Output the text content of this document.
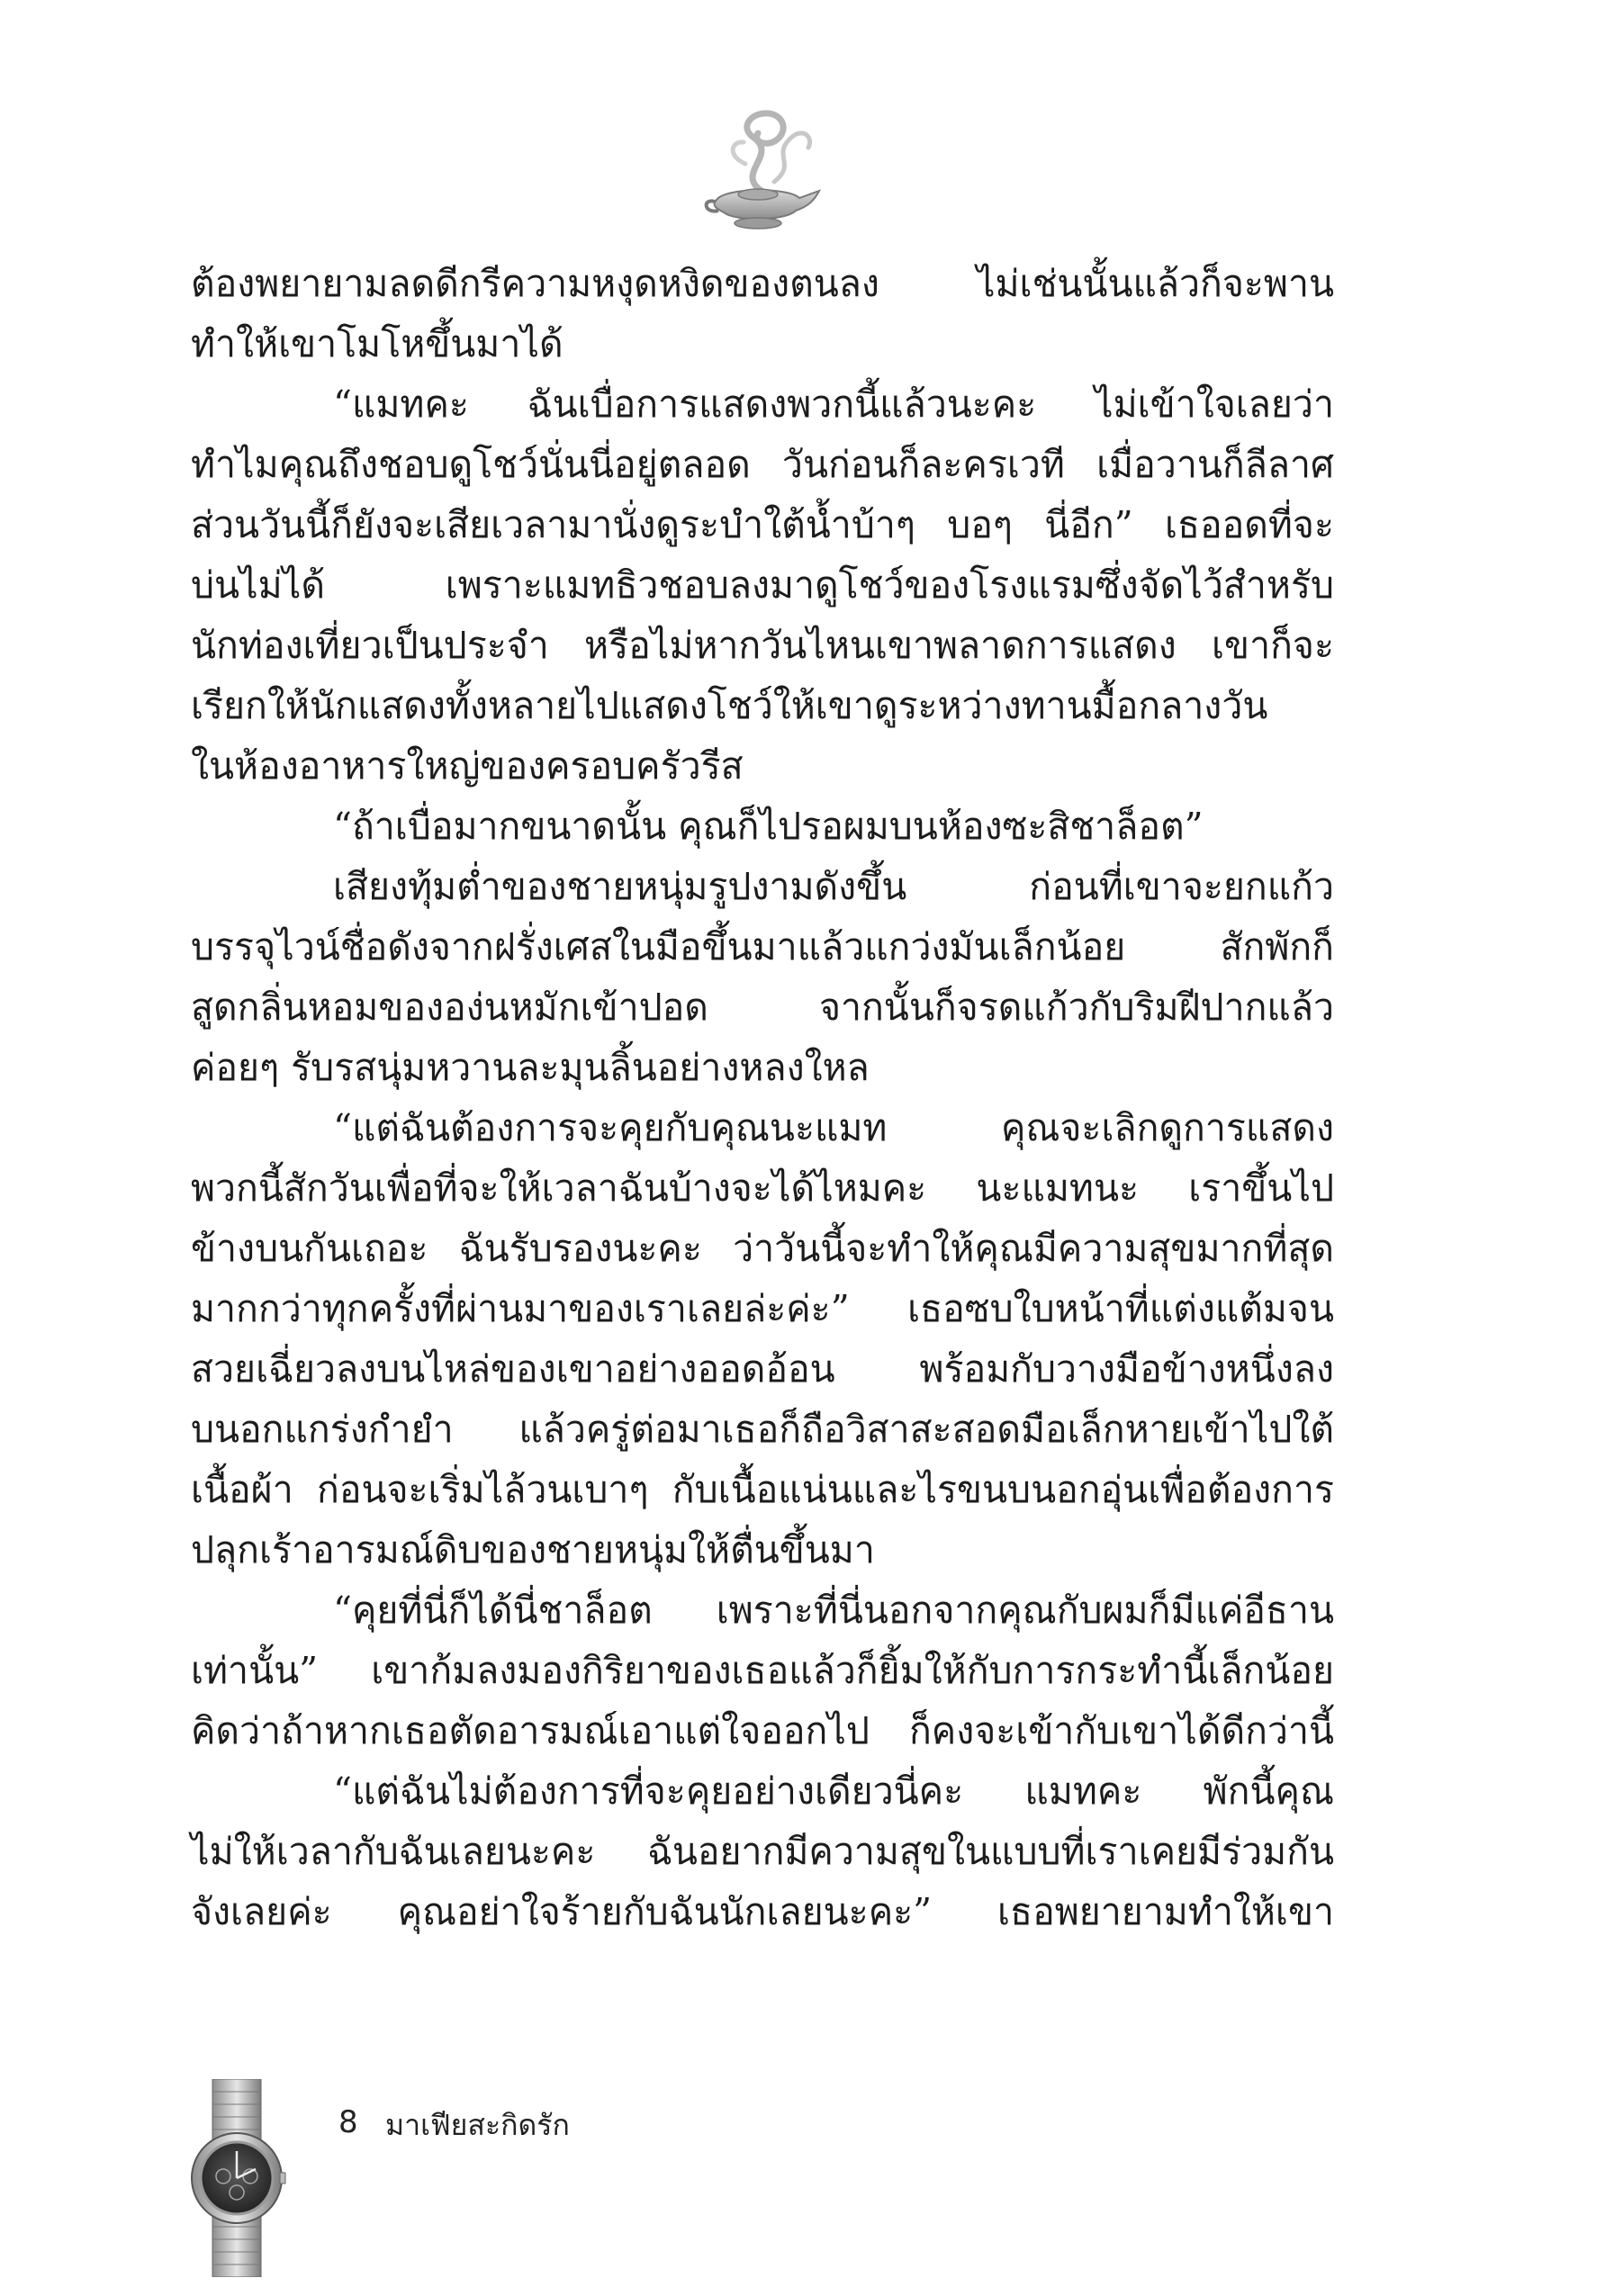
ต้องพยายามลดดีกรีความหงุดหงิดของตนลง	ไม่เช่นนั้นแล้วก็จะพาน
ทำให้เขาโมโหขึ้นมาได้
“แมทคะ ฉันเบื่อการแสดงพวกนี้แล้วนะคะ ไม่เข้าใจเลยว่า
ทำไมคุณถึงชอบดูโชว์นั่นนี่อยู่ตลอด วันก่อนก็ละครเวที เมื่อวานก็ลีลาศ
ส่วนวันนี้ก็ยังจะเสียเวลามานั่งดูระบำใต้น้ำบ้าๆ บอๆ นี่อีก” เธออดที่จะ
บ่นไม่ได้	เพราะแมทธิวชอบลงมาดูโชว์ของโรงแรมซึ่งจัดไว้สำหรับ
นักท่องเที่ยวเป็นประจำ หรือไม่หากวันไหนเขาพลาดการแสดง เขาก็จะ
เรียกให้นักแสดงทั้งหลายไปแสดงโชว์ให้เขาดูระหว่างทานมื้อกลางวัน
ในห้องอาหารใหญ่ของครอบครัวรีส
“ถ้าเบื่อมากขนาดนั้น คุณก็ไปรอผมบนห้องซะสิชาล็อต”
เสียงทุ้มต่ำของชายหนุ่มรูปงามดังขึ้น	ก่อนที่เขาจะยกแก้ว
บรรจุไวน์ชื่อดังจากฝรั่งเศสในมือขึ้นมาแล้วแกว่งมันเล็กน้อย	สักพักก็
สูดกลิ่นหอมขององ่นหมักเข้าปอด	จากนั้นก็จรดแก้วกับริมฝีปากแล้ว
ค่อยๆ รับรสนุ่มหวานละมุนลิ้นอย่างหลงใหล
“แต่ฉันต้องการจะคุยกับคุณนะแมท	คุณจะเลิกดูการแสดง
พวกนี้สักวันเพื่อที่จะให้เวลาฉันบ้างจะได้ไหมคะ นะแมทนะ เราขึ้นไป
ข้างบนกันเถอะ ฉันรับรองนะคะ ว่าวันนี้จะทำให้คุณมีความสุขมากที่สุด
มากกว่าทุกครั้งที่ผ่านมาของเราเลยล่ะค่ะ” เธอซบใบหน้าที่แต่งแต้มจน
สวยเฉี่ยวลงบนไหล่ของเขาอย่างออดอ้อน พร้อมกับวางมือข้างหนึ่งลง
บนอกแกร่งกำยำ แล้วครู่ต่อมาเธอก็ถือวิสาสะสอดมือเล็กหายเข้าไปใต้
เนื้อผ้า ก่อนจะเริ่มไล้วนเบาๆ กับเนื้อแน่นและไรขนบนอกอุ่นเพื่อต้องการ
ปลุกเร้าอารมณ์ดิบของชายหนุ่มให้ตื่นขึ้นมา
“คุยที่นี่ก็ได้นี่ชาล็อต เพราะที่นี่นอกจากคุณกับผมก็มีแค่อีธาน
เท่านั้น” เขาก้มลงมองกิริยาของเธอแล้วก็ยิ้มให้กับการกระทำนี้เล็กน้อย
คิดว่าถ้าหากเธอตัดอารมณ์เอาแต่ใจออกไป ก็คงจะเข้ากับเขาได้ดีกว่านี้
“แต่ฉันไม่ต้องการที่จะคุยอย่างเดียวนี่คะ แมทคะ พักนี้คุณ
ไม่ให้เวลากับฉันเลยนะคะ ฉันอยากมีความสุขในแบบที่เราเคยมีร่วมกัน
จังเลยค่ะ คุณอย่าใจร้ายกับฉันนักเลยนะคะ” เธอพยายามทำให้เขา
8 มาเฟียสะกิดรัก
